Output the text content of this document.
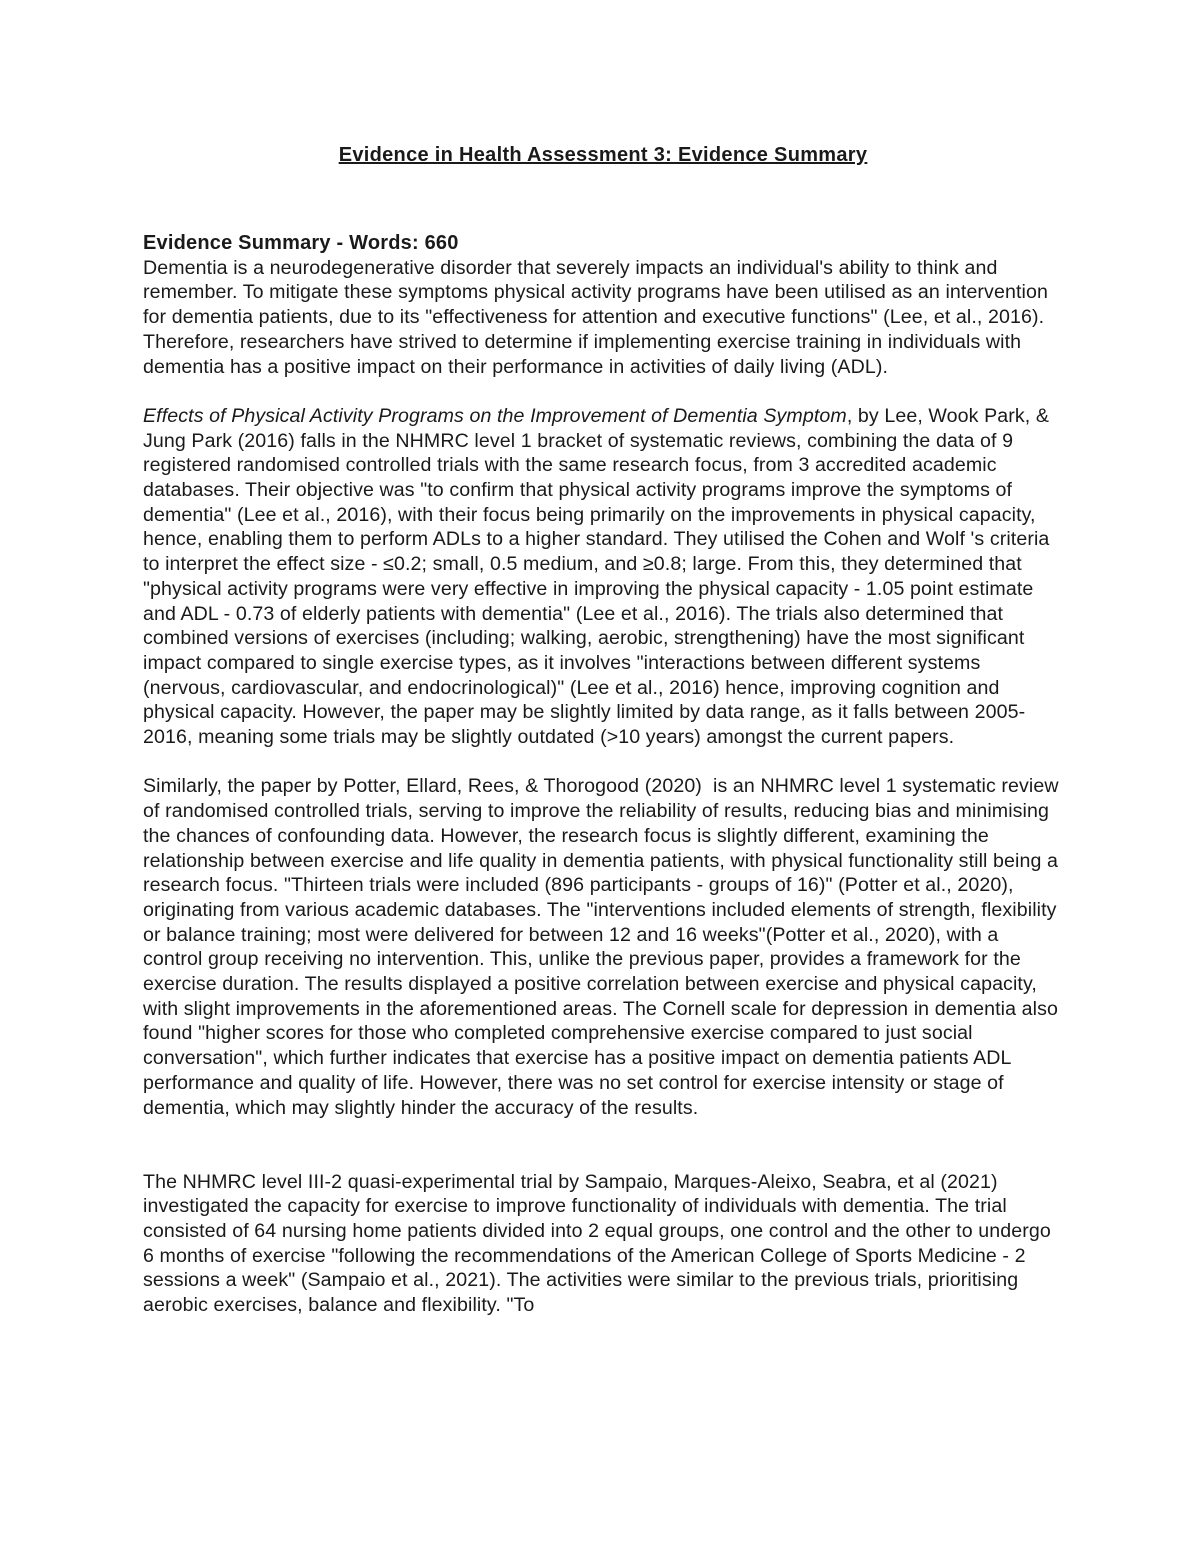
Evidence in Health Assessment 3: Evidence Summary
Evidence Summary - Words: 660

Dementia is a neurodegenerative disorder that severely impacts an individual's ability to think and remember. To mitigate these symptoms physical activity programs have been utilised as an intervention for dementia patients, due to its "effectiveness for attention and executive functions" (Lee, et al., 2016). Therefore, researchers have strived to determine if implementing exercise training in individuals with dementia has a positive impact on their performance in activities of daily living (ADL).

Effects of Physical Activity Programs on the Improvement of Dementia Symptom, by Lee, Wook Park, & Jung Park (2016) falls in the NHMRC level 1 bracket of systematic reviews, combining the data of 9 registered randomised controlled trials with the same research focus, from 3 accredited academic databases. Their objective was "to confirm that physical activity programs improve the symptoms of dementia" (Lee et al., 2016), with their focus being primarily on the improvements in physical capacity, hence, enabling them to perform ADLs to a higher standard. They utilised the Cohen and Wolf 's criteria to interpret the effect size - ≤0.2; small, 0.5 medium, and ≥0.8; large. From this, they determined that "physical activity programs were very effective in improving the physical capacity - 1.05 point estimate and ADL - 0.73 of elderly patients with dementia" (Lee et al., 2016). The trials also determined that combined versions of exercises (including; walking, aerobic, strengthening) have the most significant impact compared to single exercise types, as it involves "interactions between different systems (nervous, cardiovascular, and endocrinological)" (Lee et al., 2016) hence, improving cognition and physical capacity. However, the paper may be slightly limited by data range, as it falls between 2005-2016, meaning some trials may be slightly outdated (>10 years) amongst the current papers.

Similarly, the paper by Potter, Ellard, Rees, & Thorogood (2020)  is an NHMRC level 1 systematic review of randomised controlled trials, serving to improve the reliability of results, reducing bias and minimising the chances of confounding data. However, the research focus is slightly different, examining the relationship between exercise and life quality in dementia patients, with physical functionality still being a research focus. "Thirteen trials were included (896 participants - groups of 16)" (Potter et al., 2020), originating from various academic databases. The "interventions included elements of strength, flexibility or balance training; most were delivered for between 12 and 16 weeks"(Potter et al., 2020), with a control group receiving no intervention. This, unlike the previous paper, provides a framework for the exercise duration. The results displayed a positive correlation between exercise and physical capacity, with slight improvements in the aforementioned areas. The Cornell scale for depression in dementia also found "higher scores for those who completed comprehensive exercise compared to just social conversation", which further indicates that exercise has a positive impact on dementia patients ADL performance and quality of life. However, there was no set control for exercise intensity or stage of dementia, which may slightly hinder the accuracy of the results.

The NHMRC level III-2 quasi-experimental trial by Sampaio, Marques-Aleixo, Seabra, et al (2021) investigated the capacity for exercise to improve functionality of individuals with dementia. The trial consisted of 64 nursing home patients divided into 2 equal groups, one control and the other to undergo 6 months of exercise "following the recommendations of the American College of Sports Medicine - 2 sessions a week" (Sampaio et al., 2021). The activities were similar to the previous trials, prioritising aerobic exercises, balance and flexibility. "To
